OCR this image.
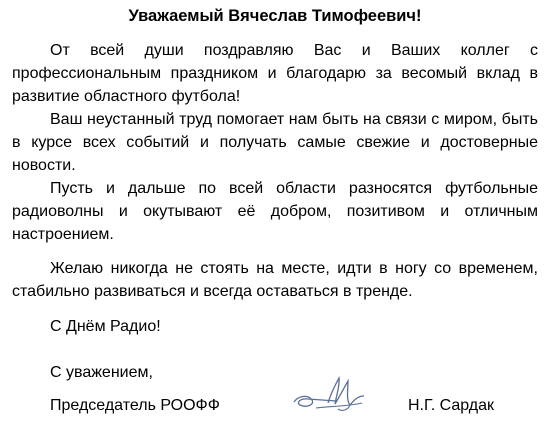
Уважаемый Вячеслав Тимофеевич!

От всей души поздравляю Вас и Ваших коллег с профессиональным праздником и благодарю за весомый вклад в развитие областного футбола!

Ваш неустанный труд помогает нам быть на связи с миром, быть в курсе всех событий и получать самые свежие и достоверные новости.

Пусть и дальше по всей области разносятся футбольные радиоволны и окутывают её добром, позитивом и отличным настроением.

Желаю никогда не стоять на месте, идти в ногу со временем, стабильно развиваться и всегда оставаться в тренде.

С Днём Радио!
С уважением,
Председатель РООФФ	Н.Г. Сардак
